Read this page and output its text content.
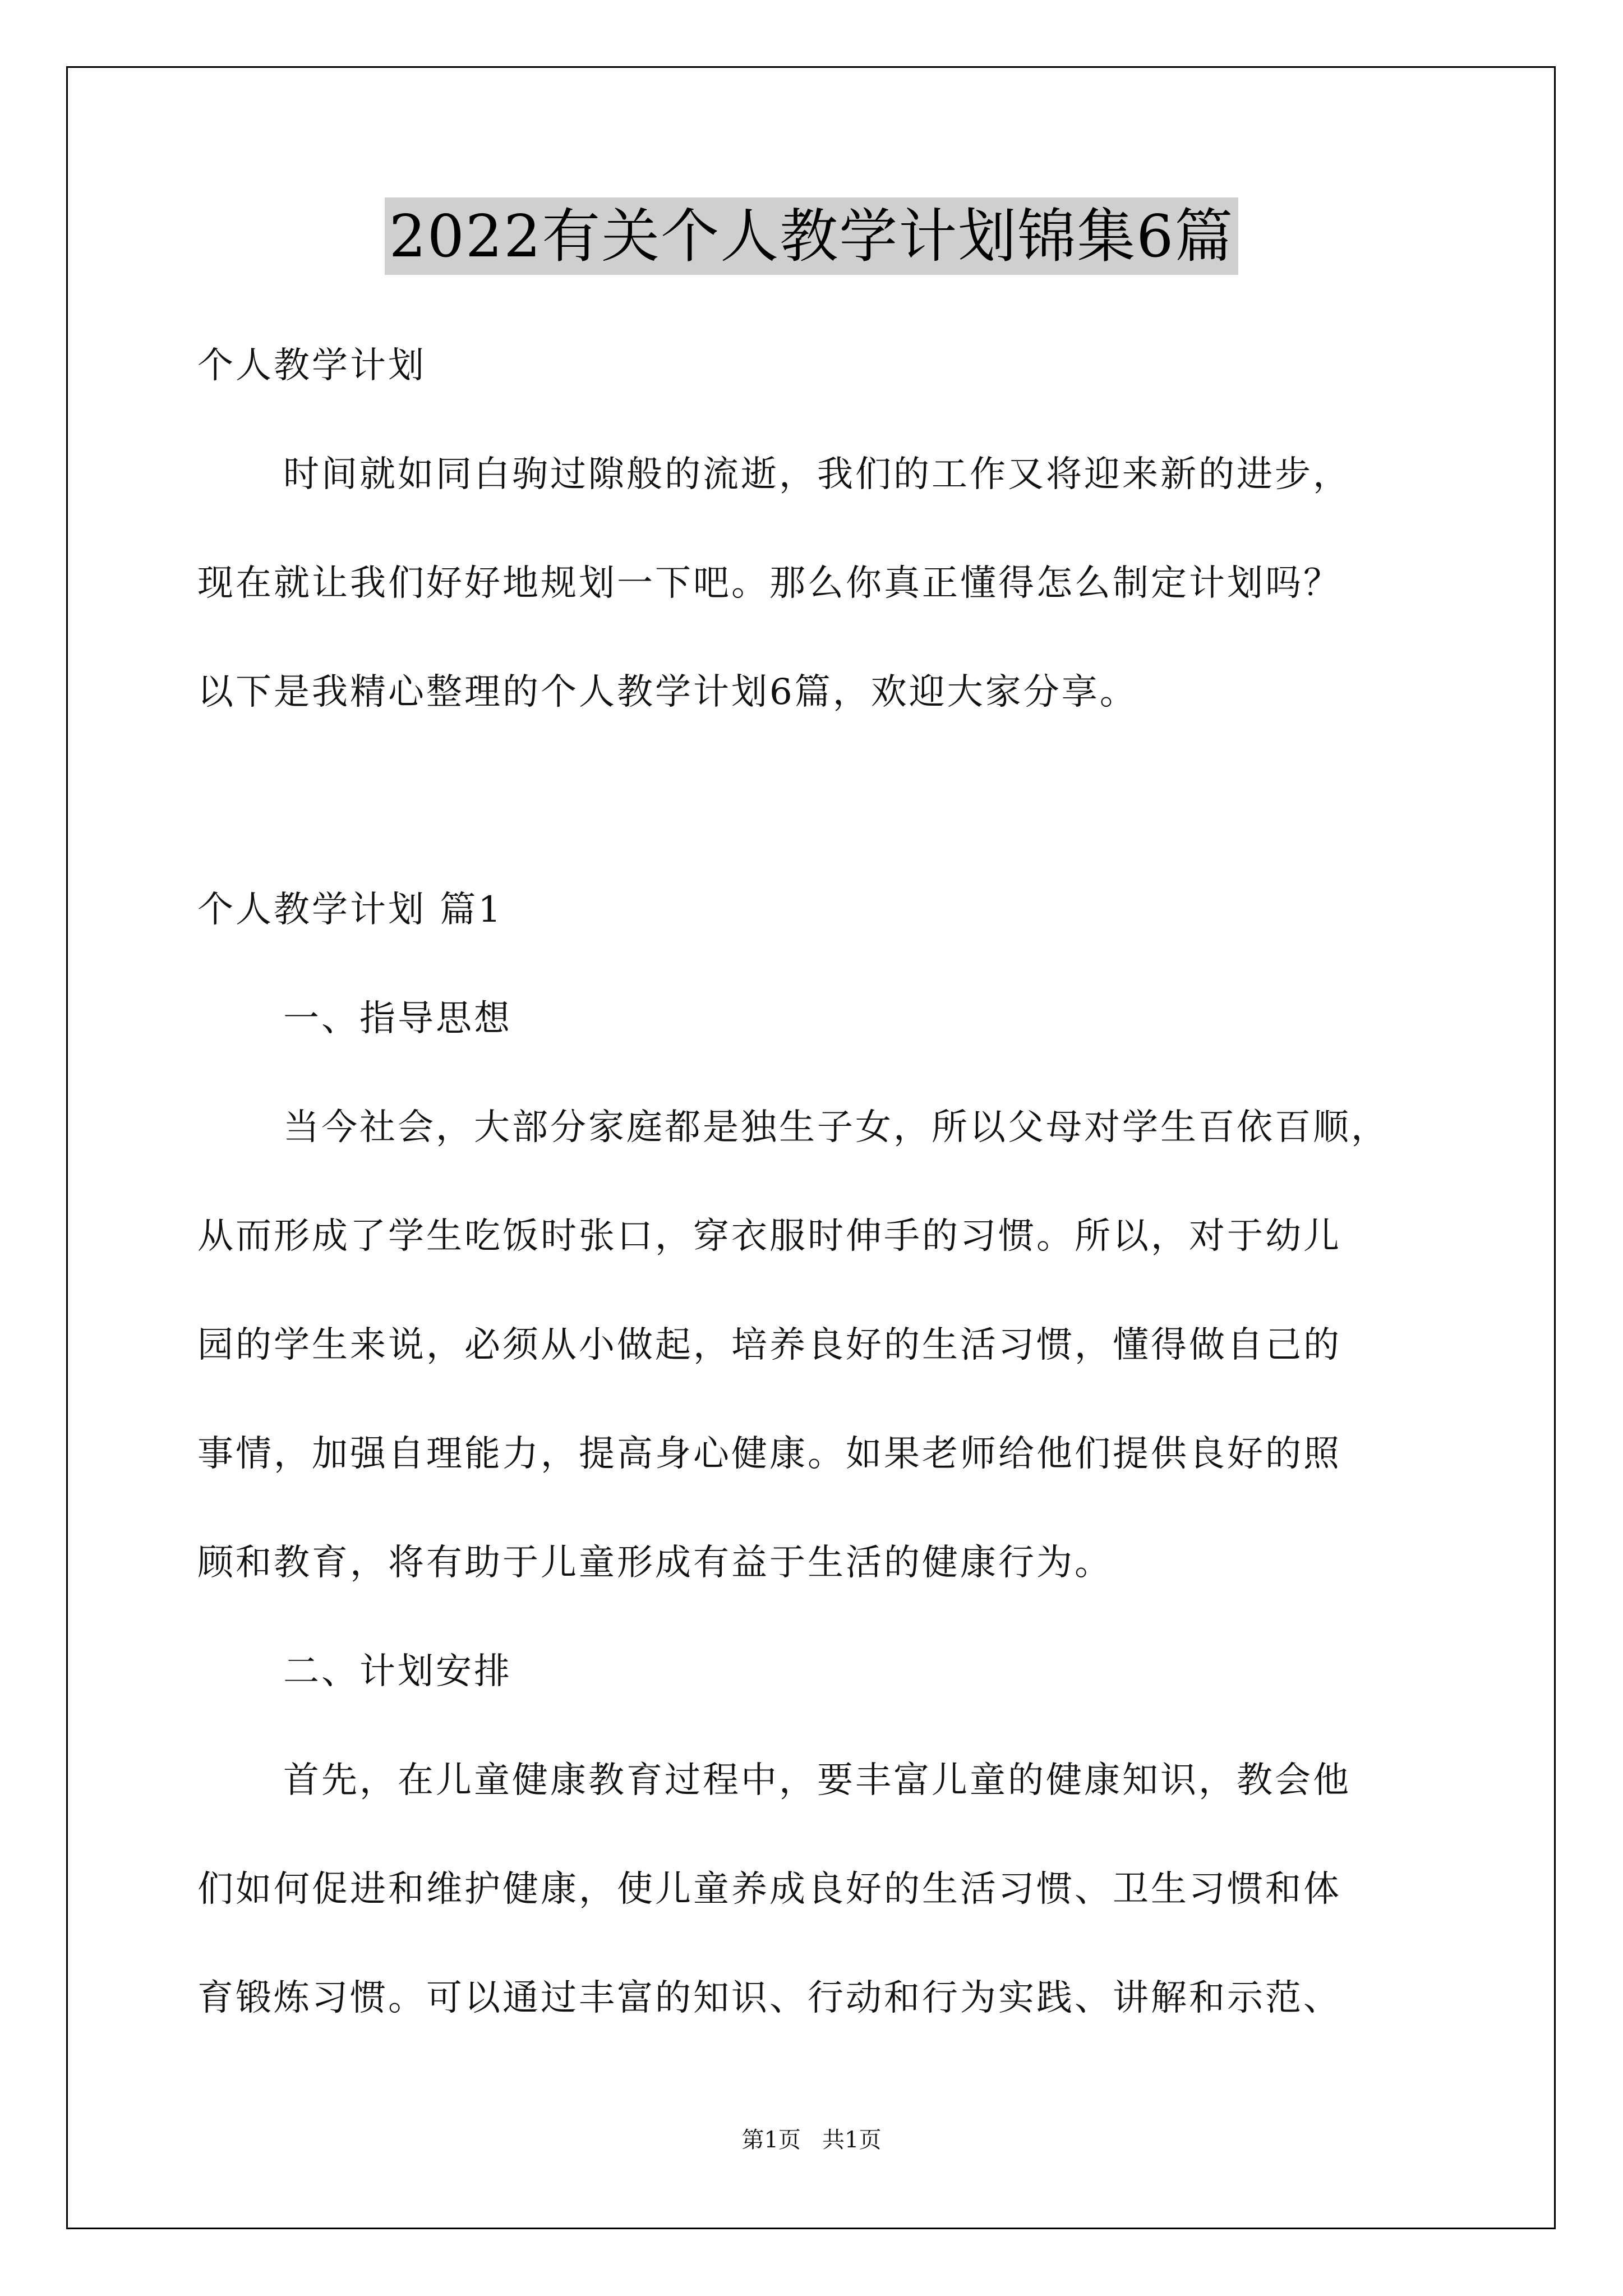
2022有关个人教学计划锦集6篇
个人教学计划
时间就如同白驹过隙般的流逝，我们的工作又将迎来新的进步，
现在就让我们好好地规划一下吧。那么你真正懂得怎么制定计划吗？
以下是我精心整理的个人教学计划6篇，欢迎大家分享。
个人教学计划 篇1
一、指导思想
当今社会，大部分家庭都是独生子女，所以父母对学生百依百顺，
从而形成了学生吃饭时张口，穿衣服时伸手的习惯。所以，对于幼儿
园的学生来说，必须从小做起，培养良好的生活习惯，懂得做自己的
事情，加强自理能力，提高身心健康。如果老师给他们提供良好的照
顾和教育，将有助于儿童形成有益于生活的健康行为。
二、计划安排
首先，在儿童健康教育过程中，要丰富儿童的健康知识，教会他
们如何促进和维护健康，使儿童养成良好的生活习惯、卫生习惯和体
育锻炼习惯。可以通过丰富的知识、行动和行为实践、讲解和示范、
第1页   共1页
